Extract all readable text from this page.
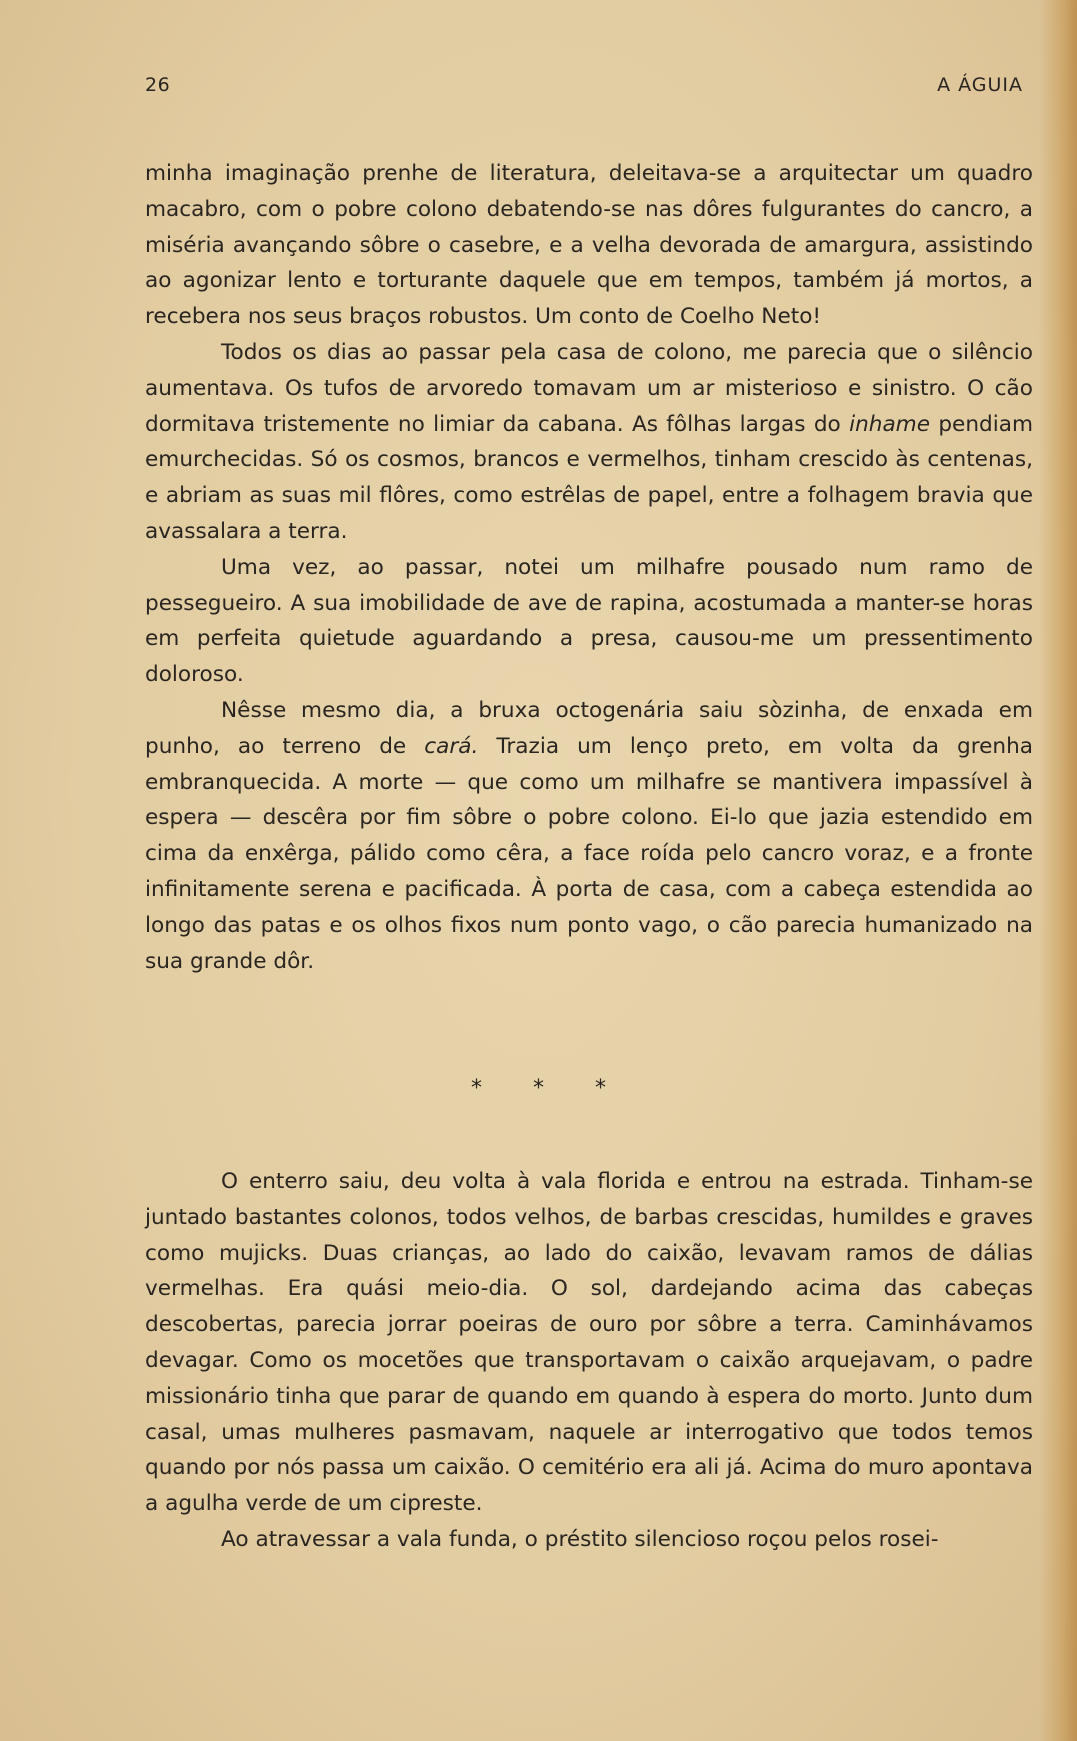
26	A ÁGUIA

minha imaginação prenhe de literatura, deleitava-se a arquitectar um quadro macabro, com o pobre colono debatendo-se nas dôres fulgurantes do cancro, a miséria avançando sôbre o casebre, e a velha devorada de amargura, assistindo ao agonizar lento e torturante daquele que em tempos, também já mortos, a recebera nos seus braços robustos. Um conto de Coelho Neto!

Todos os dias ao passar pela casa de colono, me parecia que o silêncio aumentava. Os tufos de arvoredo tomavam um ar misterioso e sinistro. O cão dormitava tristemente no limiar da cabana. As fôlhas largas do inhame pendiam emurchecidas. Só os cosmos, brancos e vermelhos, tinham crescido às centenas, e abriam as suas mil flôres, como estrêlas de papel, entre a folhagem bravia que avassalara a terra.

Uma vez, ao passar, notei um milhafre pousado num ramo de pessegueiro. A sua imobilidade de ave de rapina, acostumada a manter-se horas em perfeita quietude aguardando a presa, causou-me um pressentimento doloroso.

Nêsse mesmo dia, a bruxa octogenária saiu sòzinha, de enxada em punho, ao terreno de cará. Trazia um lenço preto, em volta da grenha embranquecida. A morte — que como um milhafre se mantivera impassível à espera — descêra por fim sôbre o pobre colono. Ei-lo que jazia estendido em cima da enxêrga, pálido como cêra, a face roída pelo cancro voraz, e a fronte infinitamente serena e pacificada. À porta de casa, com a cabeça estendida ao longo das patas e os olhos fixos num ponto vago, o cão parecia humanizado na sua grande dôr.

* * *

O enterro saiu, deu volta à vala florida e entrou na estrada. Tinham-se juntado bastantes colonos, todos velhos, de barbas crescidas, humildes e graves como mujicks. Duas crianças, ao lado do caixão, levavam ramos de dálias vermelhas. Era quási meio-dia. O sol, dardejando acima das cabeças descobertas, parecia jorrar poeiras de ouro por sôbre a terra. Caminhávamos devagar. Como os mocetões que transportavam o caixão arquejavam, o padre missionário tinha que parar de quando em quando à espera do morto. Junto dum casal, umas mulheres pasmavam, naquele ar interrogativo que todos temos quando por nós passa um caixão. O cemitério era ali já. Acima do muro apontava a agulha verde de um cipreste.

Ao atravessar a vala funda, o préstito silencioso roçou pelos rosei-
